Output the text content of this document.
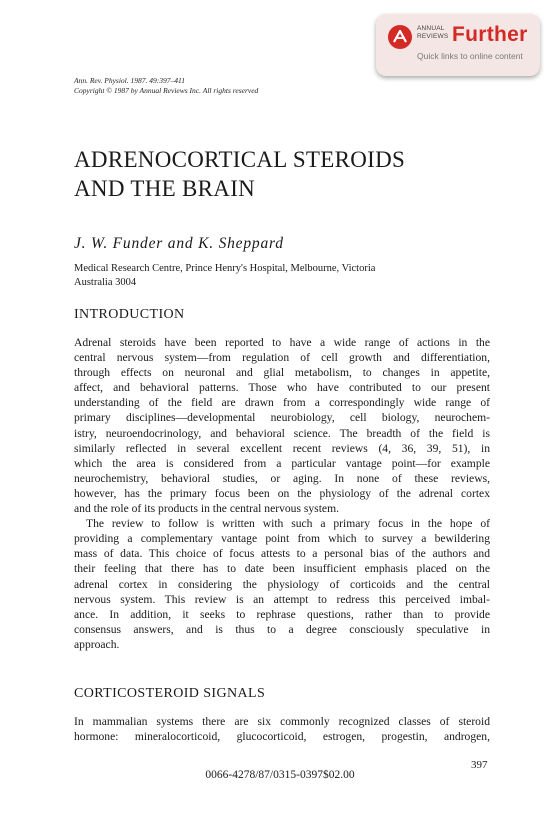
ANNUAL
REVIEWS Further
Quick links to online content
Ann. Rev. Physiol. 1987. 49:397–411
Copyright © 1987 by Annual Reviews Inc. All rights reserved
ADRENOCORTICAL STEROIDS
AND THE BRAIN
J. W. Funder and K. Sheppard
Medical Research Centre, Prince Henry's Hospital, Melbourne, Victoria
Australia 3004
INTRODUCTION
Adrenal steroids have been reported to have a wide range of actions in the
central nervous system—from regulation of cell growth and differentiation,
through effects on neuronal and glial metabolism, to changes in appetite,
affect, and behavioral patterns. Those who have contributed to our present
understanding of the field are drawn from a correspondingly wide range of
primary disciplines—developmental neurobiology, cell biology, neurochem-
istry, neuroendocrinology, and behavioral science. The breadth of the field is
similarly reflected in several excellent recent reviews (4, 36, 39, 51), in
which the area is considered from a particular vantage point—for example
neurochemistry, behavioral studies, or aging. In none of these reviews,
however, has the primary focus been on the physiology of the adrenal cortex
and the role of its products in the central nervous system.
The review to follow is written with such a primary focus in the hope of
providing a complementary vantage point from which to survey a bewildering
mass of data. This choice of focus attests to a personal bias of the authors and
their feeling that there has to date been insufficient emphasis placed on the
adrenal cortex in considering the physiology of corticoids and the central
nervous system. This review is an attempt to redress this perceived imbal-
ance. In addition, it seeks to rephrase questions, rather than to provide
consensus answers, and is thus to a degree consciously speculative in
approach.
CORTICOSTEROID SIGNALS
In mammalian systems there are six commonly recognized classes of steroid
hormone: mineralocorticoid, glucocorticoid, estrogen, progestin, androgen,
397
0066-4278/87/0315-0397$02.00
